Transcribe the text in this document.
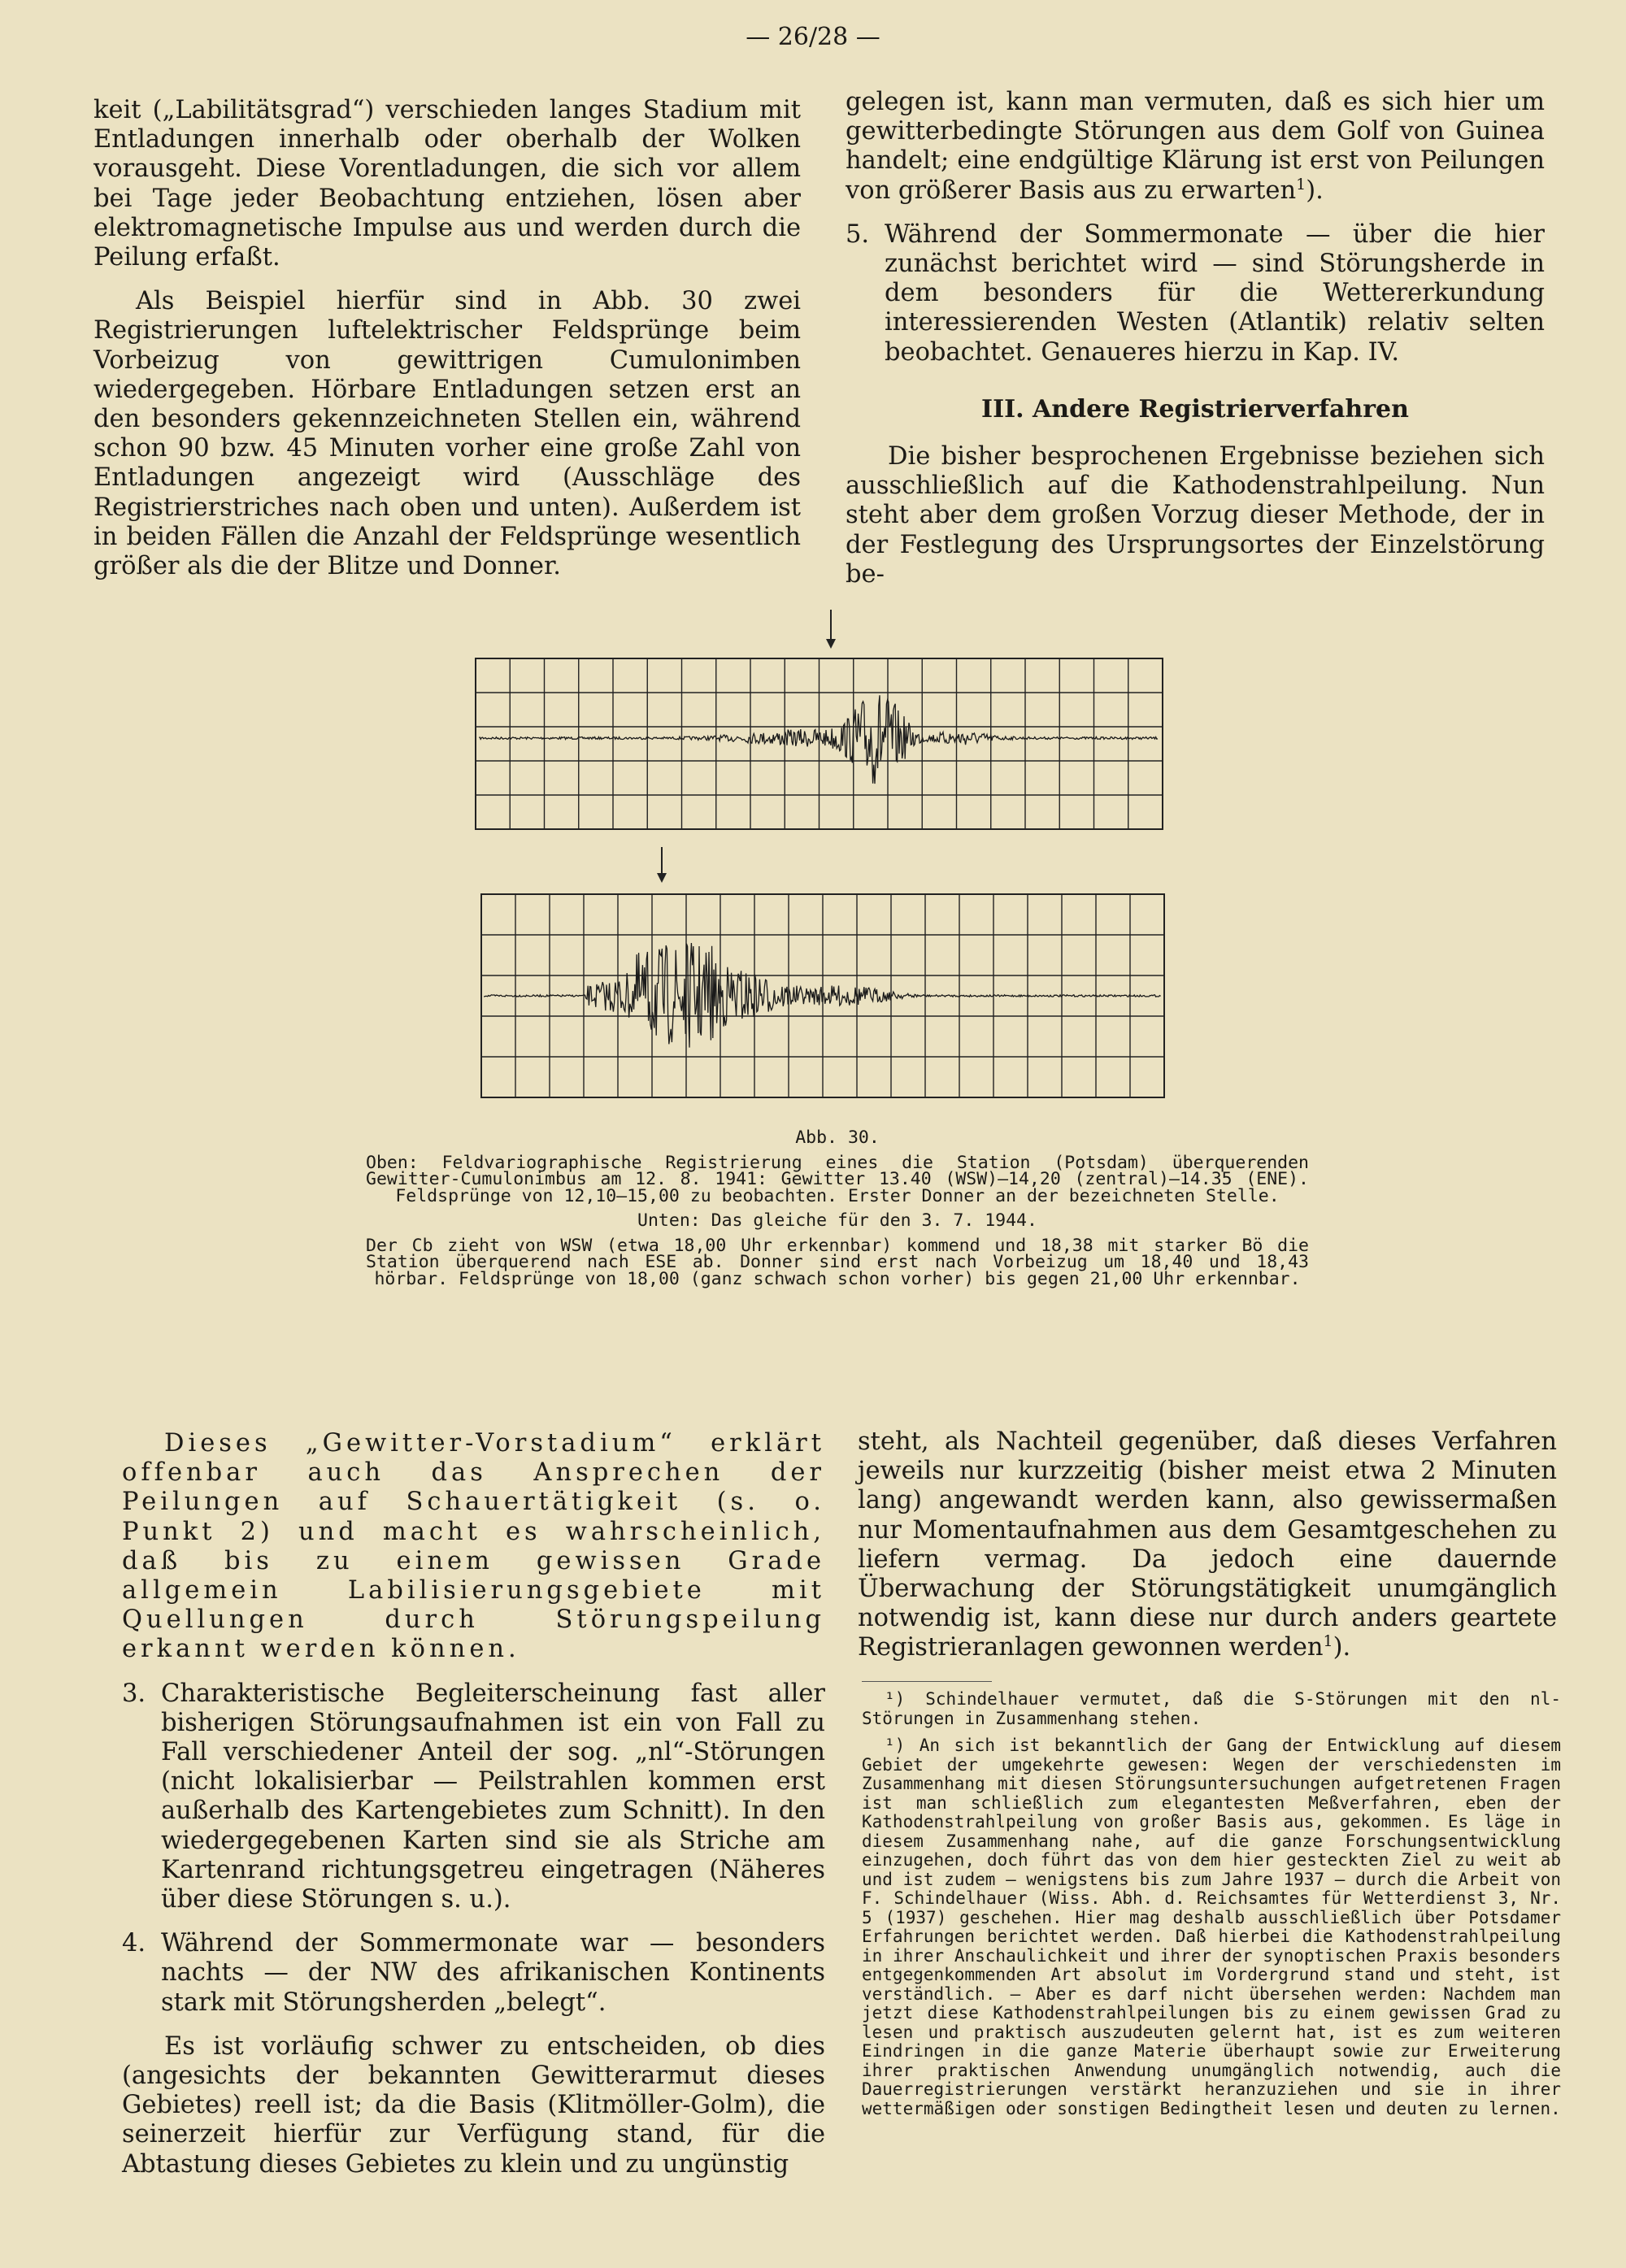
— 26/28 —

keit („Labilitätsgrad“) verschieden langes Stadium mit Entladungen innerhalb oder oberhalb der Wolken vorausgeht. Diese Vorentladungen, die sich vor allem bei Tage jeder Beobachtung entziehen, lösen aber elektromagnetische Impulse aus und werden durch die Peilung erfaßt.

Als Beispiel hierfür sind in Abb. 30 zwei Registrierungen luftelektrischer Feldsprünge beim Vorbeizug von gewittrigen Cumulonimben wiedergegeben. Hörbare Entladungen setzen erst an den besonders gekennzeichneten Stellen ein, während schon 90 bzw. 45 Minuten vorher eine große Zahl von Entladungen angezeigt wird (Ausschläge des Registrierstriches nach oben und unten). Außerdem ist in beiden Fällen die Anzahl der Feldsprünge wesentlich größer als die der Blitze und Donner.

gelegen ist, kann man vermuten, daß es sich hier um gewitterbedingte Störungen aus dem Golf von Guinea handelt; eine endgültige Klärung ist erst von Peilungen von größerer Basis aus zu erwarten$^1$).

5. Während der Sommermonate — über die hier zunächst berichtet wird — sind Störungsherde in dem besonders für die Wettererkundung interessierenden Westen (Atlantik) relativ selten beobachtet. Genaueres hierzu in Kap. IV.

III. Andere Registrierverfahren

Die bisher besprochenen Ergebnisse beziehen sich ausschließlich auf die Kathodenstrahlpeilung. Nun steht aber dem großen Vorzug dieser Methode, der in der Festlegung des Ursprungsortes der Einzelstörung be-

Abb. 30.

Oben: Feldvariographische Registrierung eines die Station (Potsdam) überquerenden Gewitter-Cumulonimbus am 12. 8. 1941: Gewitter 13.40 (WSW)—14,20 (zentral)—14.35 (ENE). Feldsprünge von 12,10—15,00 zu beobachten. Erster Donner an der bezeichneten Stelle.

Unten: Das gleiche für den 3. 7. 1944.

Der Cb zieht von WSW (etwa 18,00 Uhr erkennbar) kommend und 18,38 mit starker Bö die Station überquerend nach ESE ab. Donner sind erst nach Vorbeizug um 18,40 und 18,43 hörbar. Feldsprünge von 18,00 (ganz schwach schon vorher) bis gegen 21,00 Uhr erkennbar.

Dieses „Gewitter-Vorstadium“ erklärt offenbar auch das Ansprechen der Peilungen auf Schauertätigkeit (s. o. Punkt 2) und macht es wahrscheinlich, daß bis zu einem gewissen Grade allgemein Labilisierungsgebiete mit Quellungen durch Störungspeilung erkannt werden können.

3. Charakteristische Begleiterscheinung fast aller bisherigen Störungsaufnahmen ist ein von Fall zu Fall verschiedener Anteil der sog. „nl“-Störungen (nicht lokalisierbar — Peilstrahlen kommen erst außerhalb des Kartengebietes zum Schnitt). In den wiedergegebenen Karten sind sie als Striche am Kartenrand richtungsgetreu eingetragen (Näheres über diese Störungen s. u.).

4. Während der Sommermonate war — besonders nachts — der NW des afrikanischen Kontinents stark mit Störungsherden „belegt“.

Es ist vorläufig schwer zu entscheiden, ob dies (angesichts der bekannten Gewitterarmut dieses Gebietes) reell ist; da die Basis (Klitmöller-Golm), die seinerzeit hierfür zur Verfügung stand, für die Abtastung dieses Gebietes zu klein und zu ungünstig

steht, als Nachteil gegenüber, daß dieses Verfahren jeweils nur kurzzeitig (bisher meist etwa 2 Minuten lang) angewandt werden kann, also gewissermaßen nur Momentaufnahmen aus dem Gesamtgeschehen zu liefern vermag. Da jedoch eine dauernde Überwachung der Störungstätigkeit unumgänglich notwendig ist, kann diese nur durch anders geartete Registrieranlagen gewonnen werden$^1$).

¹) Schindelhauer vermutet, daß die S-Störungen mit den nl-Störungen in Zusammenhang stehen.

¹) An sich ist bekanntlich der Gang der Entwicklung auf diesem Gebiet der umgekehrte gewesen: Wegen der verschiedensten im Zusammenhang mit diesen Störungsuntersuchungen aufgetretenen Fragen ist man schließlich zum elegantesten Meßverfahren, eben der Kathodenstrahlpeilung von großer Basis aus, gekommen. Es läge in diesem Zusammenhang nahe, auf die ganze Forschungsentwicklung einzugehen, doch führt das von dem hier gesteckten Ziel zu weit ab und ist zudem — wenigstens bis zum Jahre 1937 — durch die Arbeit von F. Schindelhauer (Wiss. Abh. d. Reichsamtes für Wetterdienst 3, Nr. 5 (1937) geschehen. Hier mag deshalb ausschließlich über Potsdamer Erfahrungen berichtet werden. Daß hierbei die Kathodenstrahlpeilung in ihrer Anschaulichkeit und ihrer der synoptischen Praxis besonders entgegenkommenden Art absolut im Vordergrund stand und steht, ist verständlich. — Aber es darf nicht übersehen werden: Nachdem man jetzt diese Kathodenstrahlpeilungen bis zu einem gewissen Grad zu lesen und praktisch auszudeuten gelernt hat, ist es zum weiteren Eindringen in die ganze Materie überhaupt sowie zur Erweiterung ihrer praktischen Anwendung unumgänglich notwendig, auch die Dauerregistrierungen verstärkt heranzuziehen und sie in ihrer wettermäßigen oder sonstigen Bedingtheit lesen und deuten zu lernen.
